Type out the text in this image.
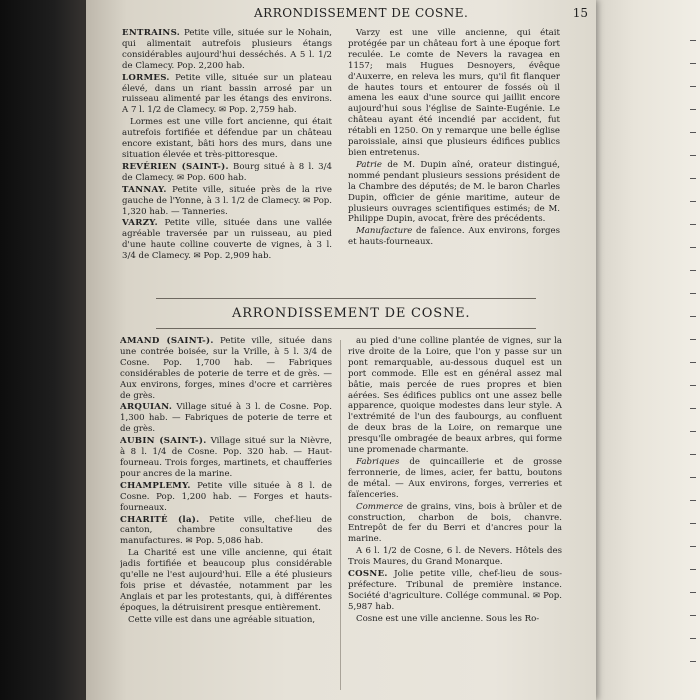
ARRONDISSEMENT DE COSNE.	15

ENTRAINS. Petite ville, située sur le Nohain, qui alimentait autrefois plusieurs étangs considérables aujourd'hui desséchés. A 5 l. 1/2 de Clamecy. Pop. 2,200 hab.

LORMES. Petite ville, située sur un plateau élevé, dans un riant bassin arrosé par un ruisseau alimenté par les étangs des environs. A 7 l. 1/2 de Clamecy. ✉ Pop. 2,759 hab.

Lormes est une ville fort ancienne, qui était autrefois fortifiée et défendue par un château encore existant, bâti hors des murs, dans une situation élevée et très-pittoresque.

REVÉRIEN (SAINT-). Bourg situé à 8 l. 3/4 de Clamecy. ✉ Pop. 600 hab.

TANNAY. Petite ville, située près de la rive gauche de l'Yonne, à 3 l. 1/2 de Clamecy. ✉ Pop. 1,320 hab. — Tanneries.

VARZY. Petite ville, située dans une vallée agréable traversée par un ruisseau, au pied d'une haute colline couverte de vignes, à 3 l. 3/4 de Clamecy. ✉ Pop. 2,909 hab.

Varzy est une ville ancienne, qui était protégée par un château fort à une époque fort reculée. Le comte de Nevers la ravagea en 1157; mais Hugues Desnoyers, évêque d'Auxerre, en releva les murs, qu'il fit flanquer de hautes tours et entourer de fossés où il amena les eaux d'une source qui jaillit encore aujourd'hui sous l'église de Sainte-Eugénie. Le château ayant été incendié par accident, fut rétabli en 1250. On y remarque une belle église paroissiale, ainsi que plusieurs édifices publics bien entretenus.

Patrie de M. Dupin aîné, orateur distingué, nommé pendant plusieurs sessions président de la Chambre des députés; de M. le baron Charles Dupin, officier de génie maritime, auteur de plusieurs ouvrages scientifiques estimés; de M. Philippe Dupin, avocat, frère des précédents.

Manufacture de faïence. Aux environs, forges et hauts-fourneaux.

ARRONDISSEMENT DE COSNE.

AMAND (SAINT-). Petite ville, située dans une contrée boisée, sur la Vrille, à 5 l. 3/4 de Cosne. Pop. 1,700 hab. — Fabriques considérables de poterie de terre et de grès. — Aux environs, forges, mines d'ocre et carrières de grès.

ARQUIAN. Village situé à 3 l. de Cosne. Pop. 1,300 hab. — Fabriques de poterie de terre et de grès.

AUBIN (SAINT-). Village situé sur la Nièvre, à 8 l. 1/4 de Cosne. Pop. 320 hab. — Haut-fourneau. Trois forges, martinets, et chaufferies pour ancres de la marine.

CHAMPLEMY. Petite ville située à 8 l. de Cosne. Pop. 1,200 hab. — Forges et hauts-fourneaux.

CHARITÉ (la). Petite ville, chef-lieu de canton, chambre consultative des manufactures. ✉ Pop. 5,086 hab.

La Charité est une ville ancienne, qui était jadis fortifiée et beaucoup plus considérable qu'elle ne l'est aujourd'hui. Elle a été plusieurs fois prise et dévastée, notamment par les Anglais et par les protestants, qui, à différentes époques, la détruisirent presque entièrement.

Cette ville est dans une agréable situation,

au pied d'une colline plantée de vignes, sur la rive droite de la Loire, que l'on y passe sur un pont remarquable, au-dessous duquel est un port commode. Elle est en général assez mal bâtie, mais percée de rues propres et bien aérées. Ses édifices publics ont une assez belle apparence, quoique modestes dans leur style. A l'extrémité de l'un des faubourgs, au confluent de deux bras de la Loire, on remarque une presqu'île ombragée de beaux arbres, qui forme une promenade charmante.

Fabriques de quincaillerie et de grosse ferronnerie, de limes, acier, fer battu, boutons de métal. — Aux environs, forges, verreries et faïenceries.

Commerce de grains, vins, bois à brûler et de construction, charbon de bois, chanvre. Entrepôt de fer du Berri et d'ancres pour la marine.

A 6 l. 1/2 de Cosne, 6 l. de Nevers. Hôtels des Trois Maures, du Grand Monarque.

COSNE. Jolie petite ville, chef-lieu de sous-préfecture. Tribunal de première instance. Société d'agriculture. Collége communal. ✉ Pop. 5,987 hab.

Cosne est une ville ancienne. Sous les Ro-
